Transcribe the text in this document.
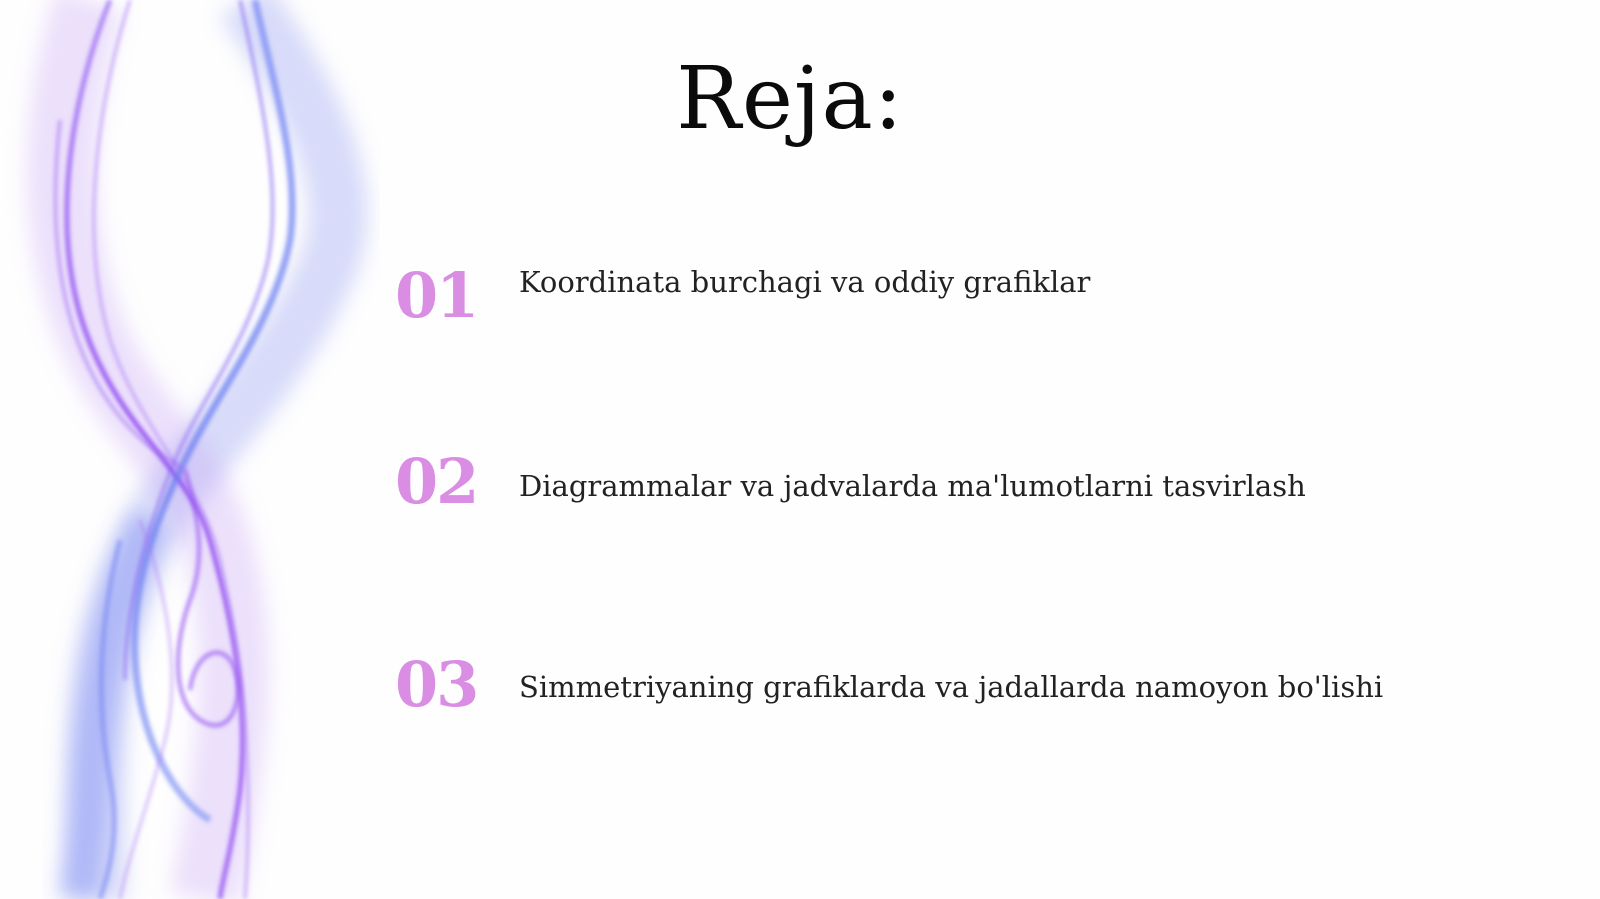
Reja:
01 Koordinata burchagi va oddiy grafiklar
02 Diagrammalar va jadvalarda ma'lumotlarni tasvirlash
03 Simmetriyaning grafiklarda va jadallarda namoyon bo'lishi
